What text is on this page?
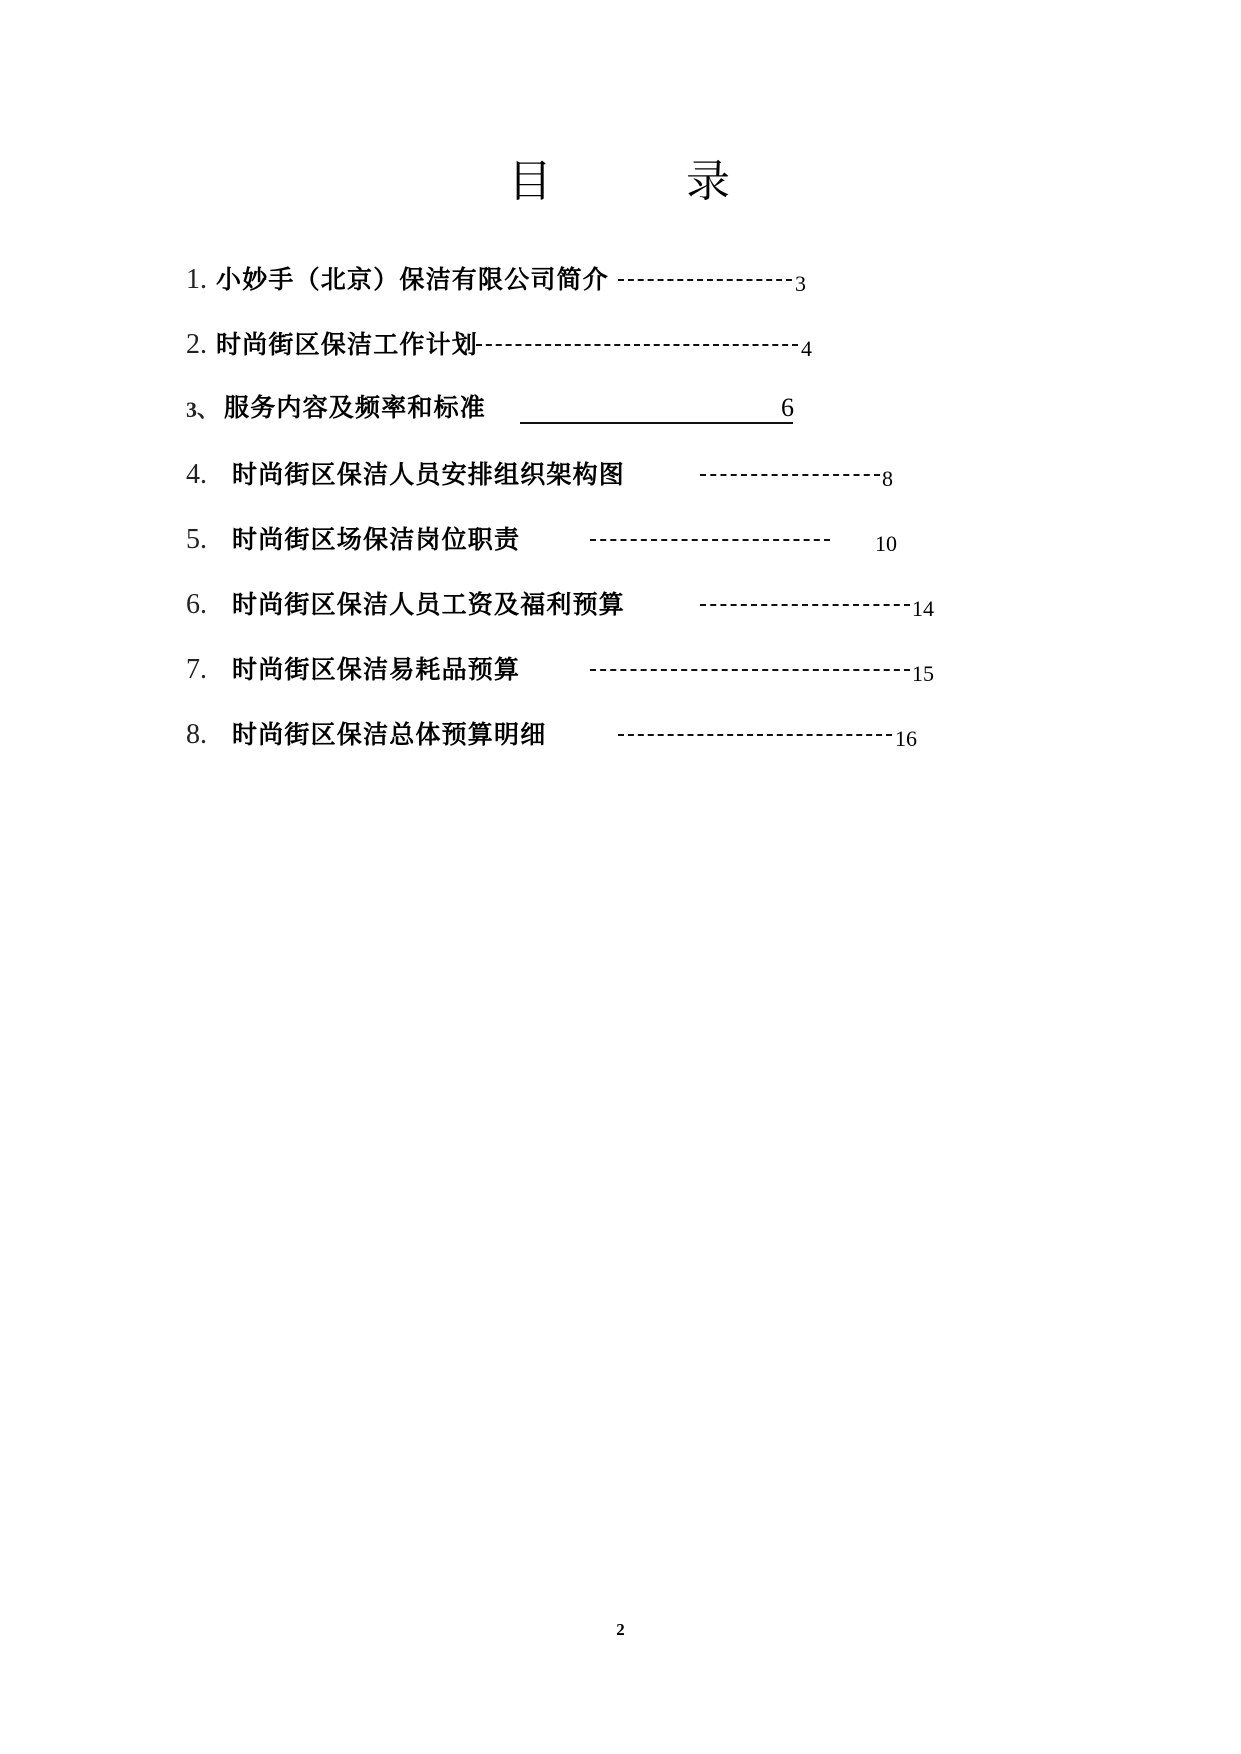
目	录
1. 小妙手（北京）保洁有限公司简介	3
2. 时尚街区保洁工作计划	4
3、 服务内容及频率和标准	6
4. 时尚街区保洁人员安排组织架构图	8
5. 时尚街区场保洁岗位职责	10
6. 时尚街区保洁人员工资及福利预算	14
7. 时尚街区保洁易耗品预算	15
8. 时尚街区保洁总体预算明细	16
2
